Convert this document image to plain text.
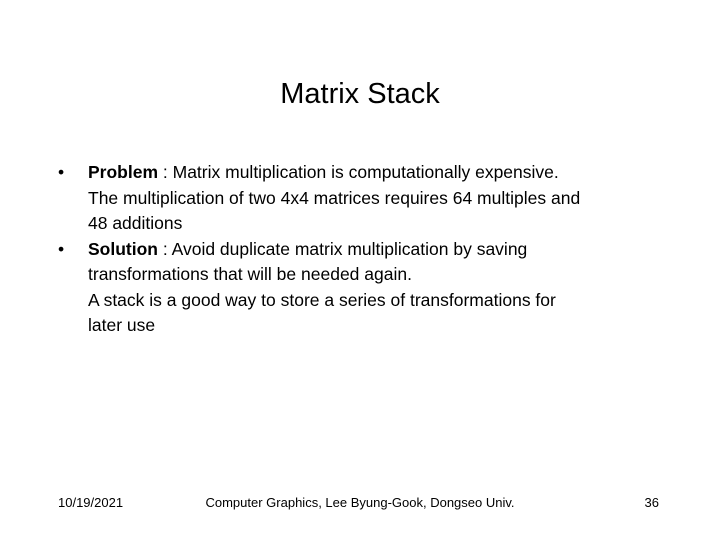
Matrix Stack
•	Problem : Matrix multiplication is computationally expensive.
The multiplication of two 4x4 matrices requires 64 multiples and
48 additions
•	Solution : Avoid duplicate matrix multiplication by saving
transformations that will be needed again.
A stack is a good way to store a series of transformations for
later use
10/19/2021	Computer Graphics, Lee Byung-Gook, Dongseo Univ.	36
